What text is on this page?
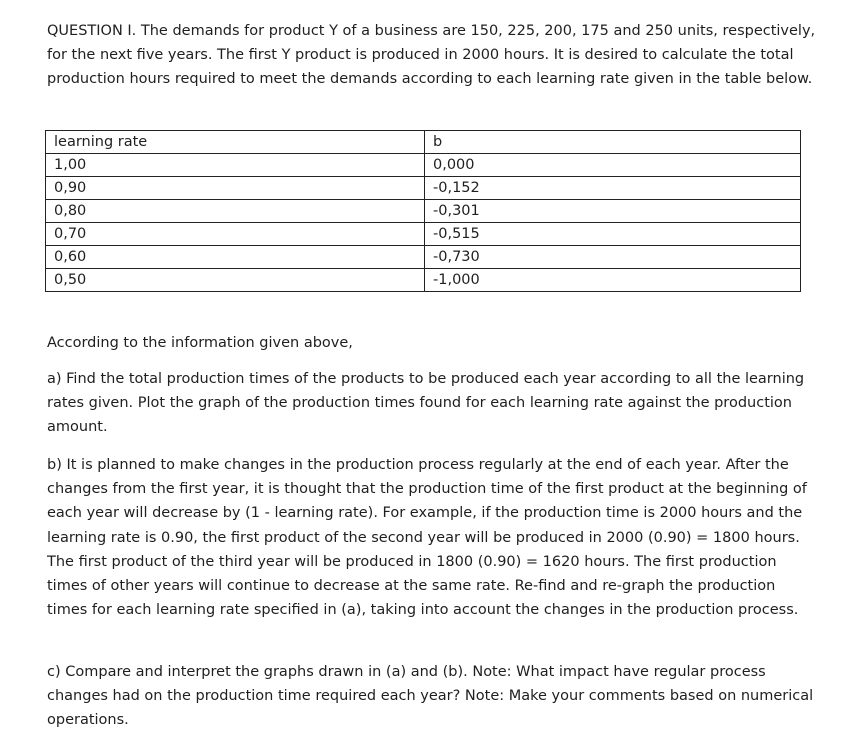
QUESTION I. The demands for product Y of a business are 150, 225, 200, 175 and 250 units, respectively, for the next five years. The first Y product is produced in 2000 hours. It is desired to calculate the total production hours required to meet the demands according to each learning rate given in the table below.

learning rate	b
1,00	0,000
0,90	-0,152
0,80	-0,301
0,70	-0,515
0,60	-0,730
0,50	-1,000

According to the information given above,

a) Find the total production times of the products to be produced each year according to all the learning rates given. Plot the graph of the production times found for each learning rate against the production amount.

b) It is planned to make changes in the production process regularly at the end of each year. After the changes from the first year, it is thought that the production time of the first product at the beginning of each year will decrease by (1 - learning rate). For example, if the production time is 2000 hours and the learning rate is 0.90, the first product of the second year will be produced in 2000 (0.90) = 1800 hours. The first product of the third year will be produced in 1800 (0.90) = 1620 hours. The first production times of other years will continue to decrease at the same rate. Re-find and re-graph the production times for each learning rate specified in (a), taking into account the changes in the production process.

c) Compare and interpret the graphs drawn in (a) and (b). Note: What impact have regular process changes had on the production time required each year? Note: Make your comments based on numerical operations.
